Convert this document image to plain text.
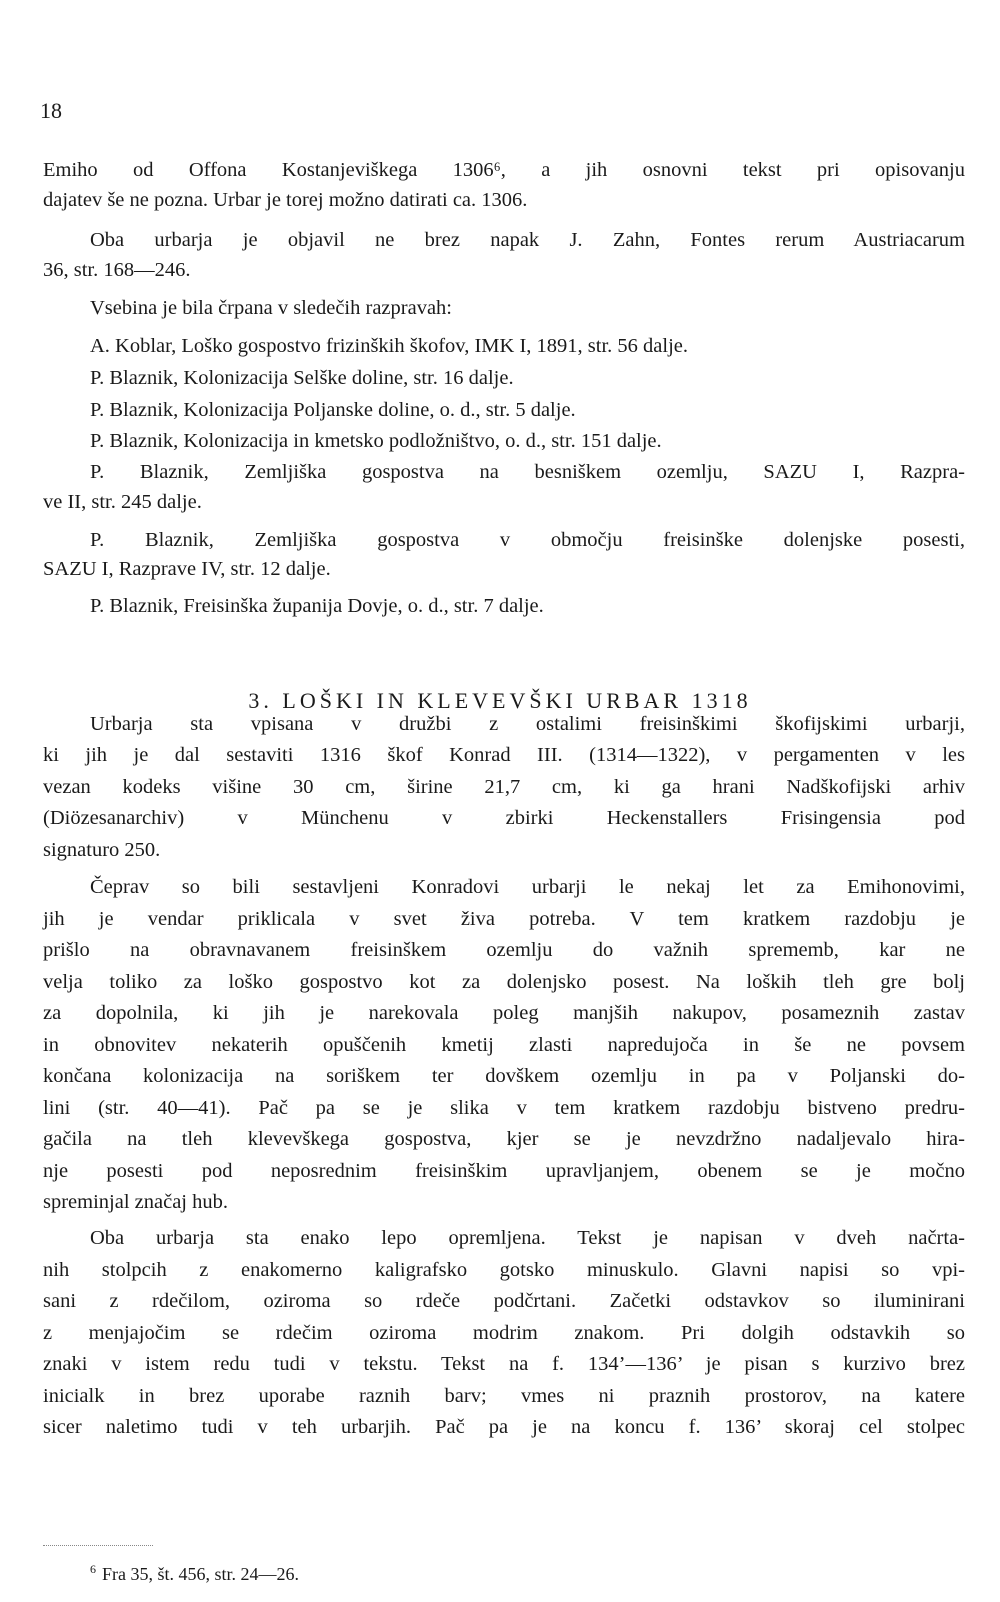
18
Emiho od Offona Kostanjeviškega 1306⁶, a jih osnovni tekst pri opisovanju
dajatev še ne pozna. Urbar je torej možno datirati ca. 1306.
Oba urbarja je objavil ne brez napak J. Zahn, Fontes rerum Austriacarum
36, str. 168—246.
Vsebina je bila črpana v sledečih razpravah:
A. Koblar, Loško gospostvo frizinških škofov, IMK I, 1891, str. 56 dalje.
P. Blaznik, Kolonizacija Selške doline, str. 16 dalje.
P. Blaznik, Kolonizacija Poljanske doline, o. d., str. 5 dalje.
P. Blaznik, Kolonizacija in kmetsko podložništvo, o. d., str. 151 dalje.
P. Blaznik, Zemljiška gospostva na besniškem ozemlju, SAZU I, Razpra-
ve II, str. 245 dalje.
P. Blaznik, Zemljiška gospostva v območju freisinške dolenjske posesti,
SAZU I, Razprave IV, str. 12 dalje.
P. Blaznik, Freisinška županija Dovje, o. d., str. 7 dalje.
3. LOŠKI IN KLEVEVŠKI URBAR 1318
Urbarja sta vpisana v družbi z ostalimi freisinškimi škofijskimi urbarji,
ki jih je dal sestaviti 1316 škof Konrad III. (1314—1322), v pergamenten v les
vezan kodeks višine 30 cm, širine 21,7 cm, ki ga hrani Nadškofijski arhiv
(Diözesanarchiv) v Münchenu v zbirki Heckenstallers Frisingensia pod
signaturo 250.
Čeprav so bili sestavljeni Konradovi urbarji le nekaj let za Emihonovimi,
jih je vendar priklicala v svet živa potreba. V tem kratkem razdobju je
prišlo na obravnavanem freisinškem ozemlju do važnih sprememb, kar ne
velja toliko za loško gospostvo kot za dolenjsko posest. Na loških tleh gre bolj
za dopolnila, ki jih je narekovala poleg manjših nakupov, posameznih zastav
in obnovitev nekaterih opuščenih kmetij zlasti napredujoča in še ne povsem
končana kolonizacija na soriškem ter dovškem ozemlju in pa v Poljanski do-
lini (str. 40—41). Pač pa se je slika v tem kratkem razdobju bistveno predru-
gačila na tleh klevevškega gospostva, kjer se je nevzdržno nadaljevalo hira-
nje posesti pod neposrednim freisinškim upravljanjem, obenem se je močno
spreminjal značaj hub.
Oba urbarja sta enako lepo opremljena. Tekst je napisan v dveh načrta-
nih stolpcih z enakomerno kaligrafsko gotsko minuskulo. Glavni napisi so vpi-
sani z rdečilom, oziroma so rdeče podčrtani. Začetki odstavkov so iluminirani
z menjajočim se rdečim oziroma modrim znakom. Pri dolgih odstavkih so
znaki v istem redu tudi v tekstu. Tekst na f. 134’—136’ je pisan s kurzivo brez
inicialk in brez uporabe raznih barv; vmes ni praznih prostorov, na katere
sicer naletimo tudi v teh urbarjih. Pač pa je na koncu f. 136’ skoraj cel stolpec
$^6$ Fra 35, št. 456, str. 24—26.
